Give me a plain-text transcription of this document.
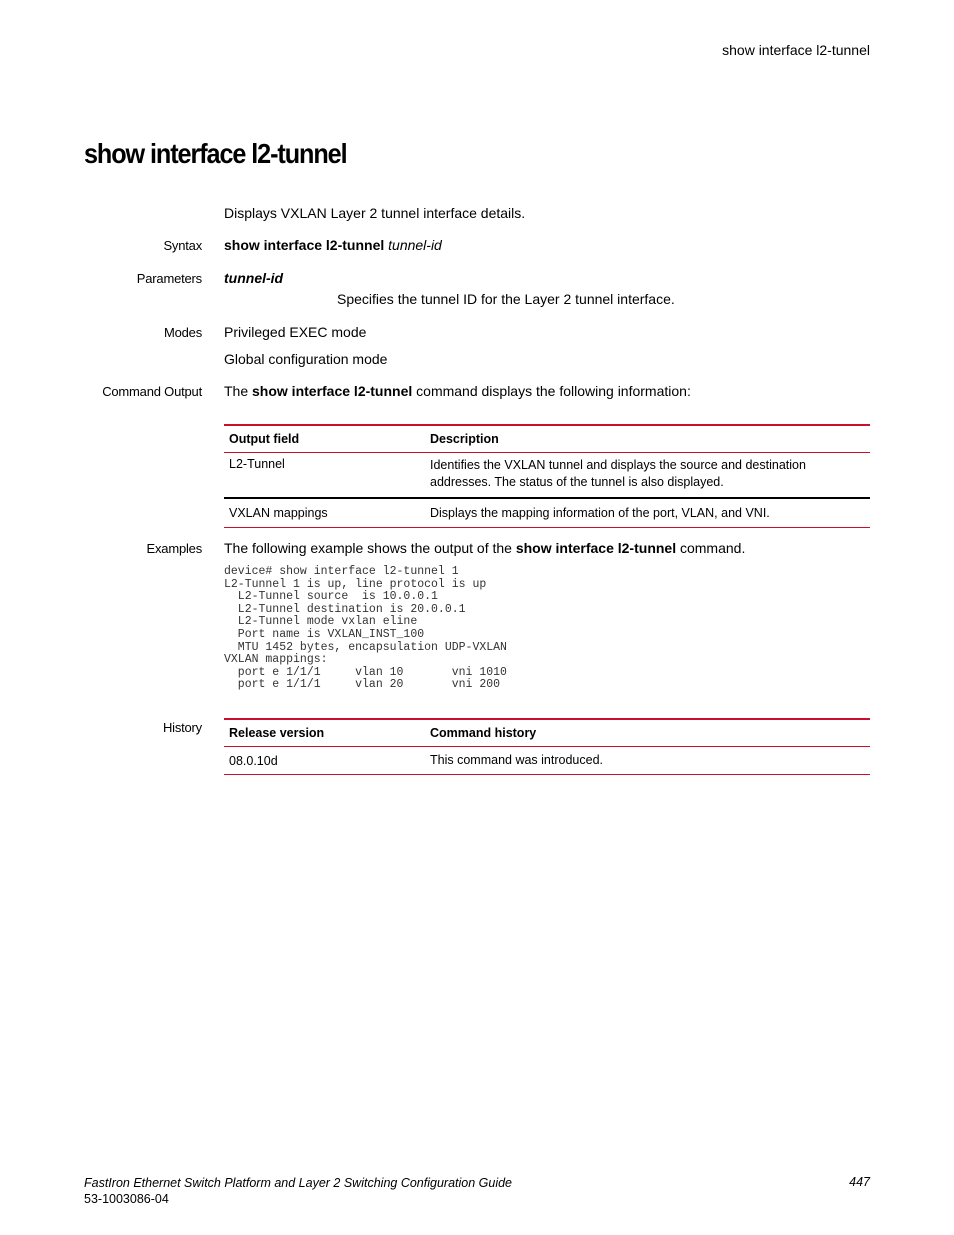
show interface l2-tunnel
show interface l2-tunnel
Displays VXLAN Layer 2 tunnel interface details.
Syntax show interface l2-tunnel tunnel-id
Parameters tunnel-id
Specifies the tunnel ID for the Layer 2 tunnel interface.
Modes Privileged EXEC mode
Global configuration mode
Command Output The show interface l2-tunnel command displays the following information:
Output field	Description
L2-Tunnel	Identifies the VXLAN tunnel and displays the source and destination addresses. The status of the tunnel is also displayed.
VXLAN mappings	Displays the mapping information of the port, VLAN, and VNI.
Examples The following example shows the output of the show interface l2-tunnel command.
device# show interface l2-tunnel 1
L2-Tunnel 1 is up, line protocol is up
L2-Tunnel source  is 10.0.0.1
L2-Tunnel destination is 20.0.0.1
L2-Tunnel mode vxlan eline
Port name is VXLAN_INST_100
MTU 1452 bytes, encapsulation UDP-VXLAN
VXLAN mappings:
port e 1/1/1     vlan 10       vni 1010
port e 1/1/1     vlan 20       vni 200
History	Release version	Command history
08.0.10d	This command was introduced.
FastIron Ethernet Switch Platform and Layer 2 Switching Configuration Guide
53-1003086-04
447
